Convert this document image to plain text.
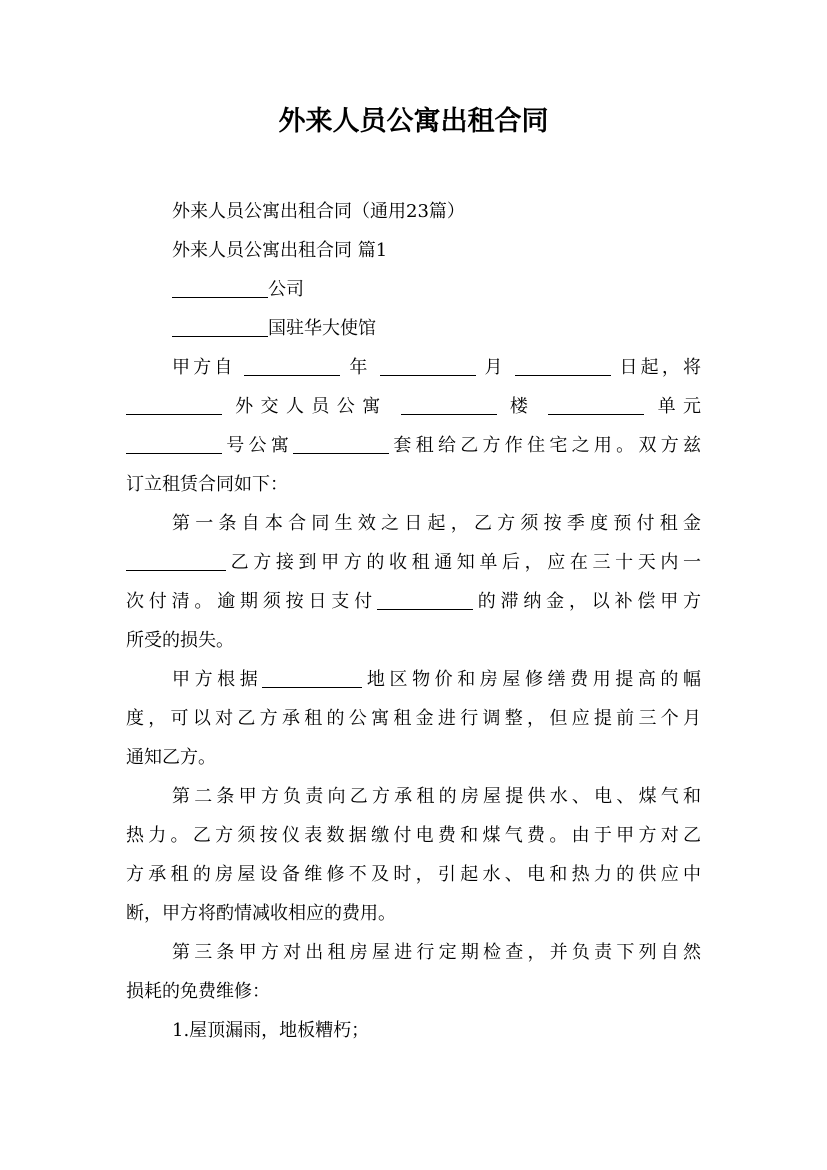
外来人员公寓出租合同

外来人员公寓出租合同（通用23篇）

外来人员公寓出租合同 篇1

公司

国驻华大使馆

甲方自	年	月	日起，将

外交人员公寓	楼	单元

号公寓	套租给乙方作住宅之用。双方兹

订立租赁合同如下：

第一条自本合同生效之日起，乙方须按季度预付租金

乙方接到甲方的收租通知单后，应在三十天内一

次付清。逾期须按日支付	的滞纳金，以补偿甲方

所受的损失。

甲方根据	地区物价和房屋修缮费用提高的幅

度，可以对乙方承租的公寓租金进行调整，但应提前三个月

通知乙方。

第二条甲方负责向乙方承租的房屋提供水、电、煤气和

热力。乙方须按仪表数据缴付电费和煤气费。由于甲方对乙

方承租的房屋设备维修不及时，引起水、电和热力的供应中

断，甲方将酌情减收相应的费用。

第三条甲方对出租房屋进行定期检查，并负责下列自然

损耗的免费维修：

1.屋顶漏雨，地板糟朽；
